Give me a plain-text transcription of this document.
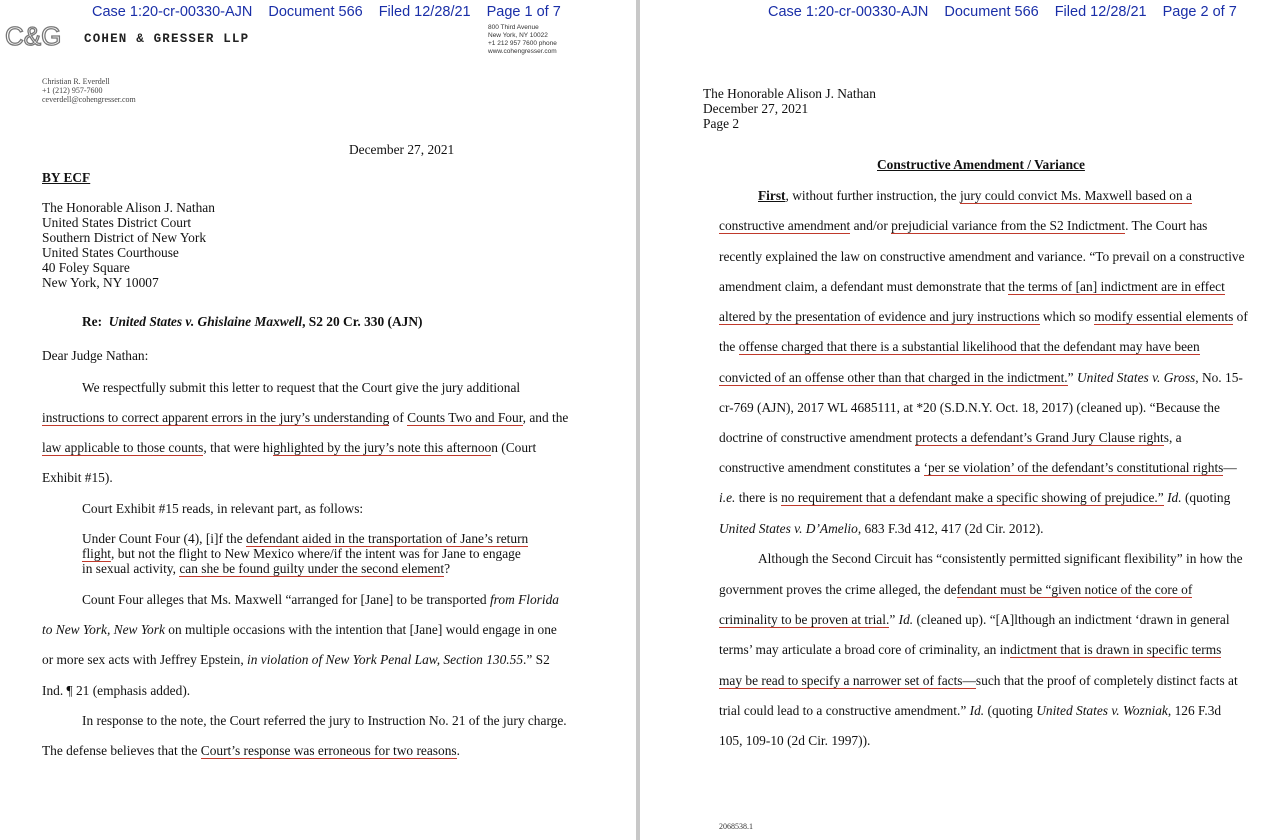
Case 1:20-cr-00330-AJN Document 566 Filed 12/28/21 Page 1 of 7
C&G COHEN & GRESSER LLP
800 Third Avenue
New York, NY 10022
+1 212 957 7600 phone
www.cohengresser.com
Christian R. Everdell
+1 (212) 957-7600
ceverdell@cohengresser.com
December 27, 2021
BY ECF
The Honorable Alison J. Nathan
United States District Court
Southern District of New York
United States Courthouse
40 Foley Square
New York, NY 10007
Re: United States v. Ghislaine Maxwell, S2 20 Cr. 330 (AJN)
Dear Judge Nathan:
We respectfully submit this letter to request that the Court give the jury additional
instructions to correct apparent errors in the jury’s understanding of Counts Two and Four, and the
law applicable to those counts, that were highlighted by the jury’s note this afternoon (Court
Exhibit #15).
Court Exhibit #15 reads, in relevant part, as follows:
Under Count Four (4), [i]f the defendant aided in the transportation of Jane’s return
flight, but not the flight to New Mexico where/if the intent was for Jane to engage
in sexual activity, can she be found guilty under the second element?
Count Four alleges that Ms. Maxwell “arranged for [Jane] to be transported from Florida
to New York, New York on multiple occasions with the intention that [Jane] would engage in one
or more sex acts with Jeffrey Epstein, in violation of New York Penal Law, Section 130.55.” S2
Ind. ¶ 21 (emphasis added).
In response to the note, the Court referred the jury to Instruction No. 21 of the jury charge.
The defense believes that the Court’s response was erroneous for two reasons.
Case 1:20-cr-00330-AJN Document 566 Filed 12/28/21 Page 2 of 7
The Honorable Alison J. Nathan
December 27, 2021
Page 2
Constructive Amendment / Variance
First, without further instruction, the jury could convict Ms. Maxwell based on a
constructive amendment and/or prejudicial variance from the S2 Indictment. The Court has
recently explained the law on constructive amendment and variance. “To prevail on a constructive
amendment claim, a defendant must demonstrate that the terms of [an] indictment are in effect
altered by the presentation of evidence and jury instructions which so modify essential elements of
the offense charged that there is a substantial likelihood that the defendant may have been
convicted of an offense other than that charged in the indictment.” United States v. Gross, No. 15-
cr-769 (AJN), 2017 WL 4685111, at *20 (S.D.N.Y. Oct. 18, 2017) (cleaned up). “Because the
doctrine of constructive amendment protects a defendant’s Grand Jury Clause rights, a
constructive amendment constitutes a ‘per se violation’ of the defendant’s constitutional rights—
i.e. there is no requirement that a defendant make a specific showing of prejudice.” Id. (quoting
United States v. D’Amelio, 683 F.3d 412, 417 (2d Cir. 2012).
Although the Second Circuit has “consistently permitted significant flexibility” in how the
government proves the crime alleged, the defendant must be “given notice of the core of
criminality to be proven at trial.” Id. (cleaned up). “[A]lthough an indictment ‘drawn in general
terms’ may articulate a broad core of criminality, an indictment that is drawn in specific terms
may be read to specify a narrower set of facts—such that the proof of completely distinct facts at
trial could lead to a constructive amendment.” Id. (quoting United States v. Wozniak, 126 F.3d
105, 109-10 (2d Cir. 1997)).
2068538.1
